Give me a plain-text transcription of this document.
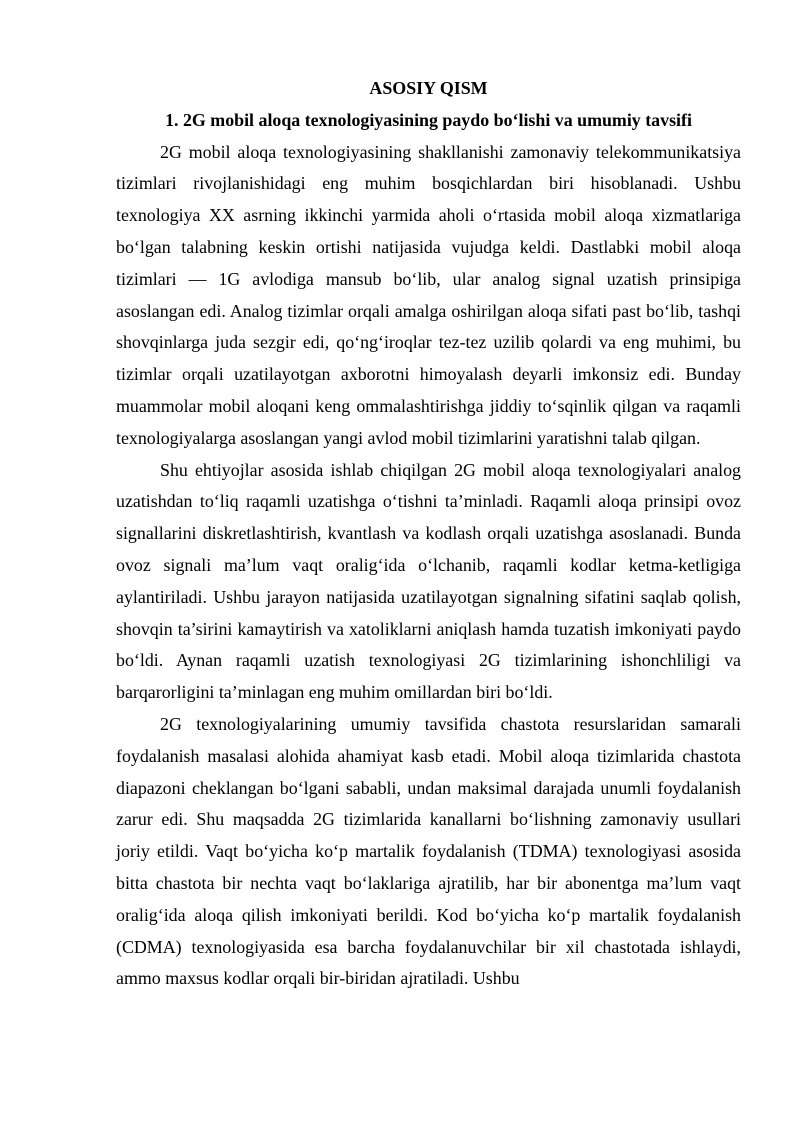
ASOSIY QISM

1. 2G mobil aloqa texnologiyasining paydo bo‘lishi va umumiy tavsifi

2G mobil aloqa texnologiyasining shakllanishi zamonaviy telekommunikatsiya tizimlari rivojlanishidagi eng muhim bosqichlardan biri hisoblanadi. Ushbu texnologiya XX asrning ikkinchi yarmida aholi o‘rtasida mobil aloqa xizmatlariga bo‘lgan talabning keskin ortishi natijasida vujudga keldi. Dastlabki mobil aloqa tizimlari — 1G avlodiga mansub bo‘lib, ular analog signal uzatish prinsipiga asoslangan edi. Analog tizimlar orqali amalga oshirilgan aloqa sifati past bo‘lib, tashqi shovqinlarga juda sezgir edi, qo‘ng‘iroqlar tez-tez uzilib qolardi va eng muhimi, bu tizimlar orqali uzatilayotgan axborotni himoyalash deyarli imkonsiz edi. Bunday muammolar mobil aloqani keng ommalashtirishga jiddiy to‘sqinlik qilgan va raqamli texnologiyalarga asoslangan yangi avlod mobil tizimlarini yaratishni talab qilgan.

Shu ehtiyojlar asosida ishlab chiqilgan 2G mobil aloqa texnologiyalari analog uzatishdan to‘liq raqamli uzatishga o‘tishni ta’minladi. Raqamli aloqa prinsipi ovoz signallarini diskretlashtirish, kvantlash va kodlash orqali uzatishga asoslanadi. Bunda ovoz signali ma’lum vaqt oralig‘ida o‘lchanib, raqamli kodlar ketma-ketligiga aylantiriladi. Ushbu jarayon natijasida uzatilayotgan signalning sifatini saqlab qolish, shovqin ta’sirini kamaytirish va xatoliklarni aniqlash hamda tuzatish imkoniyati paydo bo‘ldi. Aynan raqamli uzatish texnologiyasi 2G tizimlarining ishonchliligi va barqarorligini ta’minlagan eng muhim omillardan biri bo‘ldi.

2G texnologiyalarining umumiy tavsifida chastota resurslaridan samarali foydalanish masalasi alohida ahamiyat kasb etadi. Mobil aloqa tizimlarida chastota diapazoni cheklangan bo‘lgani sababli, undan maksimal darajada unumli foydalanish zarur edi. Shu maqsadda 2G tizimlarida kanallarni bo‘lishning zamonaviy usullari joriy etildi. Vaqt bo‘yicha ko‘p martalik foydalanish (TDMA) texnologiyasi asosida bitta chastota bir nechta vaqt bo‘laklariga ajratilib, har bir abonentga ma’lum vaqt oralig‘ida aloqa qilish imkoniyati berildi. Kod bo‘yicha ko‘p martalik foydalanish (CDMA) texnologiyasida esa barcha foydalanuvchilar bir xil chastotada ishlaydi, ammo maxsus kodlar orqali bir-biridan ajratiladi. Ushbu
